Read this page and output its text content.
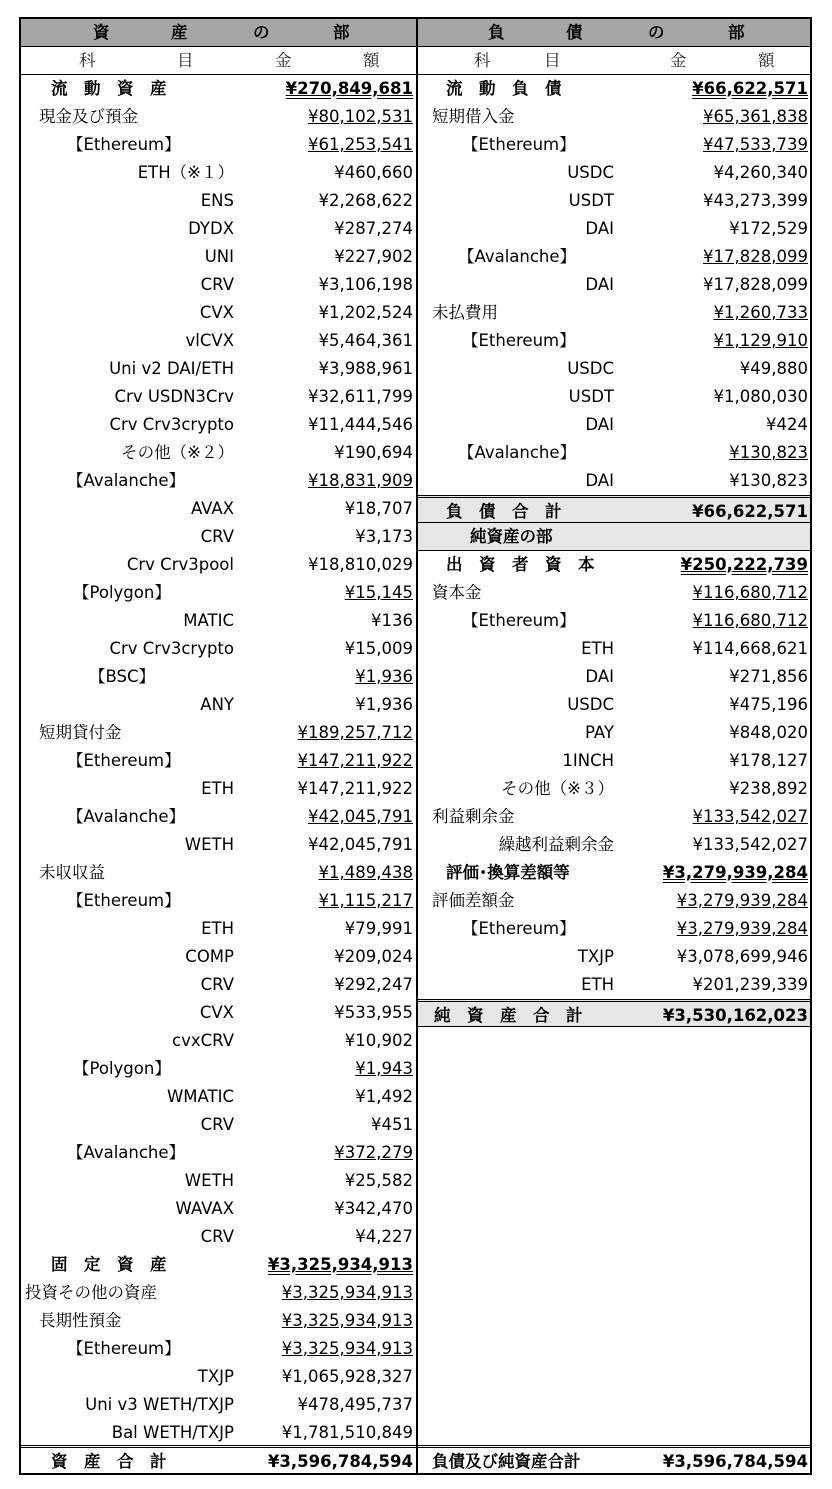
資	産	の	部
科	目	金	額
流　動　資　産	¥270,849,681
現金及び預金	¥80,102,531
【Ethereum】	¥61,253,541
ETH（※１）	¥460,660
ENS	¥2,268,622
DYDX	¥287,274
UNI	¥227,902
CRV	¥3,106,198
CVX	¥1,202,524
vlCVX	¥5,464,361
Uni v2 DAI/ETH	¥3,988,961
Crv USDN3Crv	¥32,611,799
Crv Crv3crypto	¥11,444,546
その他（※２）	¥190,694
【Avalanche】	¥18,831,909
AVAX	¥18,707
CRV	¥3,173
Crv Crv3pool	¥18,810,029
【Polygon】	¥15,145
MATIC	¥136
Crv Crv3crypto	¥15,009
【BSC】	¥1,936
ANY	¥1,936
短期貸付金	¥189,257,712
【Ethereum】	¥147,211,922
ETH	¥147,211,922
【Avalanche】	¥42,045,791
WETH	¥42,045,791
未収収益	¥1,489,438
【Ethereum】	¥1,115,217
ETH	¥79,991
COMP	¥209,024
CRV	¥292,247
CVX	¥533,955
cvxCRV	¥10,902
【Polygon】	¥1,943
WMATIC	¥1,492
CRV	¥451
【Avalanche】	¥372,279
WETH	¥25,582
WAVAX	¥342,470
CRV	¥4,227
固　定　資　産	¥3,325,934,913
投資その他の資産	¥3,325,934,913
長期性預金	¥3,325,934,913
【Ethereum】	¥3,325,934,913
TXJP	¥1,065,928,327
Uni v3 WETH/TXJP	¥478,495,737
Bal WETH/TXJP	¥1,781,510,849
資　産　合　計	¥3,596,784,594
負	債	の	部
科	目	金	額
流　動　負　債	¥66,622,571
短期借入金	¥65,361,838
【Ethereum】	¥47,533,739
USDC	¥4,260,340
USDT	¥43,273,399
DAI	¥172,529
【Avalanche】	¥17,828,099
DAI	¥17,828,099
未払費用	¥1,260,733
【Ethereum】	¥1,129,910
USDC	¥49,880
USDT	¥1,080,030
DAI	¥424
【Avalanche】	¥130,823
DAI	¥130,823
負　債　合　計	¥66,622,571
純資産の部
出　資　者　資　本	¥250,222,739
資本金	¥116,680,712
【Ethereum】	¥116,680,712
ETH	¥114,668,621
DAI	¥271,856
USDC	¥475,196
PAY	¥848,020
1INCH	¥178,127
その他（※３）	¥238,892
利益剰余金	¥133,542,027
繰越利益剰余金	¥133,542,027
評価･換算差額等	¥3,279,939,284
評価差額金	¥3,279,939,284
【Ethereum】	¥3,279,939,284
TXJP	¥3,078,699,946
ETH	¥201,239,339
純　資　産　合　計	¥3,530,162,023
負債及び純資産合計	¥3,596,784,594
